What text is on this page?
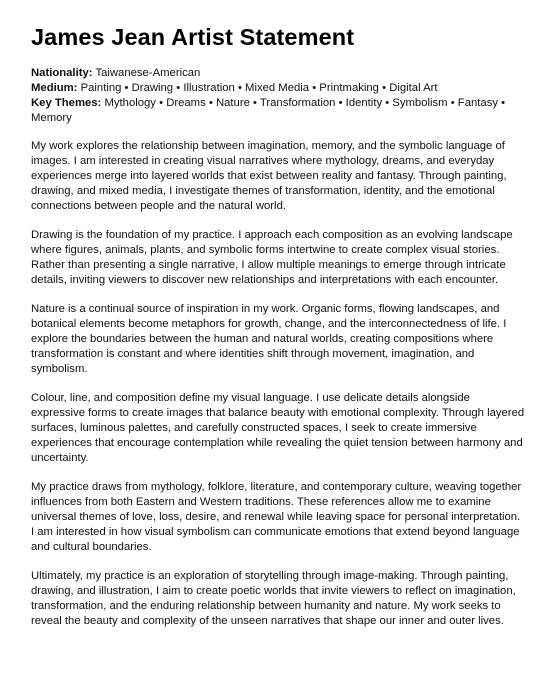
James Jean Artist Statement
Nationality: Taiwanese-American
Medium: Painting • Drawing • Illustration • Mixed Media • Printmaking • Digital Art
Key Themes: Mythology • Dreams • Nature • Transformation • Identity • Symbolism • Fantasy • Memory

My work explores the relationship between imagination, memory, and the symbolic language of images. I am interested in creating visual narratives where mythology, dreams, and everyday experiences merge into layered worlds that exist between reality and fantasy. Through painting, drawing, and mixed media, I investigate themes of transformation, identity, and the emotional connections between people and the natural world.

Drawing is the foundation of my practice. I approach each composition as an evolving landscape where figures, animals, plants, and symbolic forms intertwine to create complex visual stories. Rather than presenting a single narrative, I allow multiple meanings to emerge through intricate details, inviting viewers to discover new relationships and interpretations with each encounter.

Nature is a continual source of inspiration in my work. Organic forms, flowing landscapes, and botanical elements become metaphors for growth, change, and the interconnectedness of life. I explore the boundaries between the human and natural worlds, creating compositions where transformation is constant and where identities shift through movement, imagination, and symbolism.

Colour, line, and composition define my visual language. I use delicate details alongside expressive forms to create images that balance beauty with emotional complexity. Through layered surfaces, luminous palettes, and carefully constructed spaces, I seek to create immersive experiences that encourage contemplation while revealing the quiet tension between harmony and uncertainty.

My practice draws from mythology, folklore, literature, and contemporary culture, weaving together influences from both Eastern and Western traditions. These references allow me to examine universal themes of love, loss, desire, and renewal while leaving space for personal interpretation. I am interested in how visual symbolism can communicate emotions that extend beyond language and cultural boundaries.

Ultimately, my practice is an exploration of storytelling through image-making. Through painting, drawing, and illustration, I aim to create poetic worlds that invite viewers to reflect on imagination, transformation, and the enduring relationship between humanity and nature. My work seeks to reveal the beauty and complexity of the unseen narratives that shape our inner and outer lives.
